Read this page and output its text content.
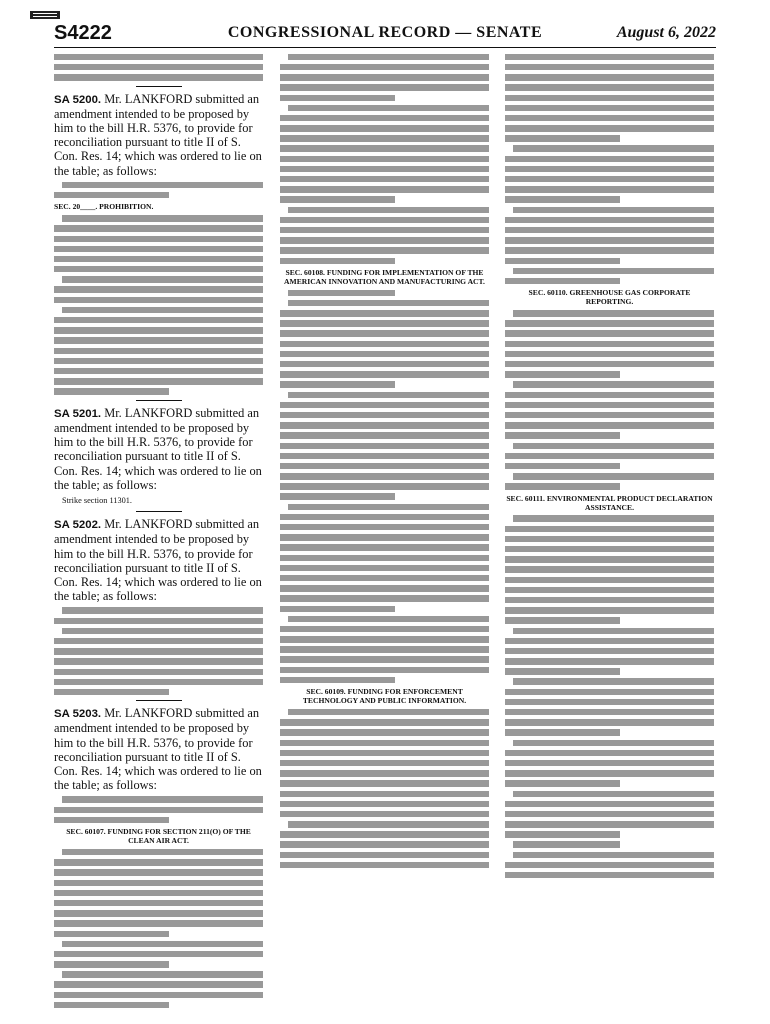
S4222	CONGRESSIONAL RECORD — SENATE	August 6, 2022
SA 5200. Mr. LANKFORD submitted an amendment intended to be proposed by him to the bill H.R. 5376, to provide for reconciliation pursuant to title II of S. Con. Res. 14; which was ordered to lie on the table; as follows:
SEC. 20____. PROHIBITION.
SA 5201. Mr. LANKFORD submitted an amendment intended to be proposed by him to the bill H.R. 5376, to provide for reconciliation pursuant to title II of S. Con. Res. 14; which was ordered to lie on the table; as follows:
Strike section 11301.
SA 5202. Mr. LANKFORD submitted an amendment intended to be proposed by him to the bill H.R. 5376, to provide for reconciliation pursuant to title II of S. Con. Res. 14; which was ordered to lie on the table; as follows:
SA 5203. Mr. LANKFORD submitted an amendment intended to be proposed by him to the bill H.R. 5376, to provide for reconciliation pursuant to title II of S. Con. Res. 14; which was ordered to lie on the table; as follows:
SEC. 60107. FUNDING FOR SECTION 211(O) OF THE CLEAN AIR ACT.
SEC. 60108. FUNDING FOR IMPLEMENTATION OF THE AMERICAN INNOVATION AND MANUFACTURING ACT.
SEC. 60109. FUNDING FOR ENFORCEMENT TECHNOLOGY AND PUBLIC INFORMATION.
SEC. 60110. GREENHOUSE GAS CORPORATE REPORTING.
SEC. 60111. ENVIRONMENTAL PRODUCT DECLARATION ASSISTANCE.
